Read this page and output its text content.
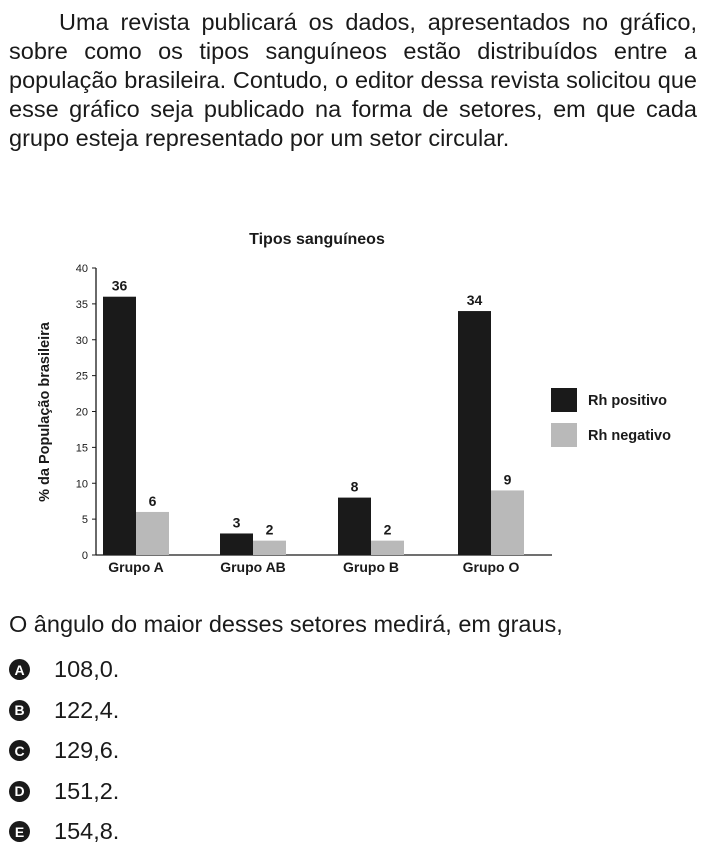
Uma revista publicará os dados, apresentados no gráfico, sobre como os tipos sanguíneos estão distribuídos entre a população brasileira. Contudo, o editor dessa revista solicitou que esse gráfico seja publicado na forma de setores, em que cada grupo esteja representado por um setor circular.

Tipos sanguíneos
% da População brasileira
0
5
10
15
20
25
30
35
40
36
6
Grupo A
3 2
Grupo AB
8
2
Grupo B
34
9
Grupo O
Rh positivo
Rh negativo

O ângulo do maior desses setores medirá, em graus,

A 108,0.
B 122,4.
C 129,6.
D 151,2.
E 154,8.
